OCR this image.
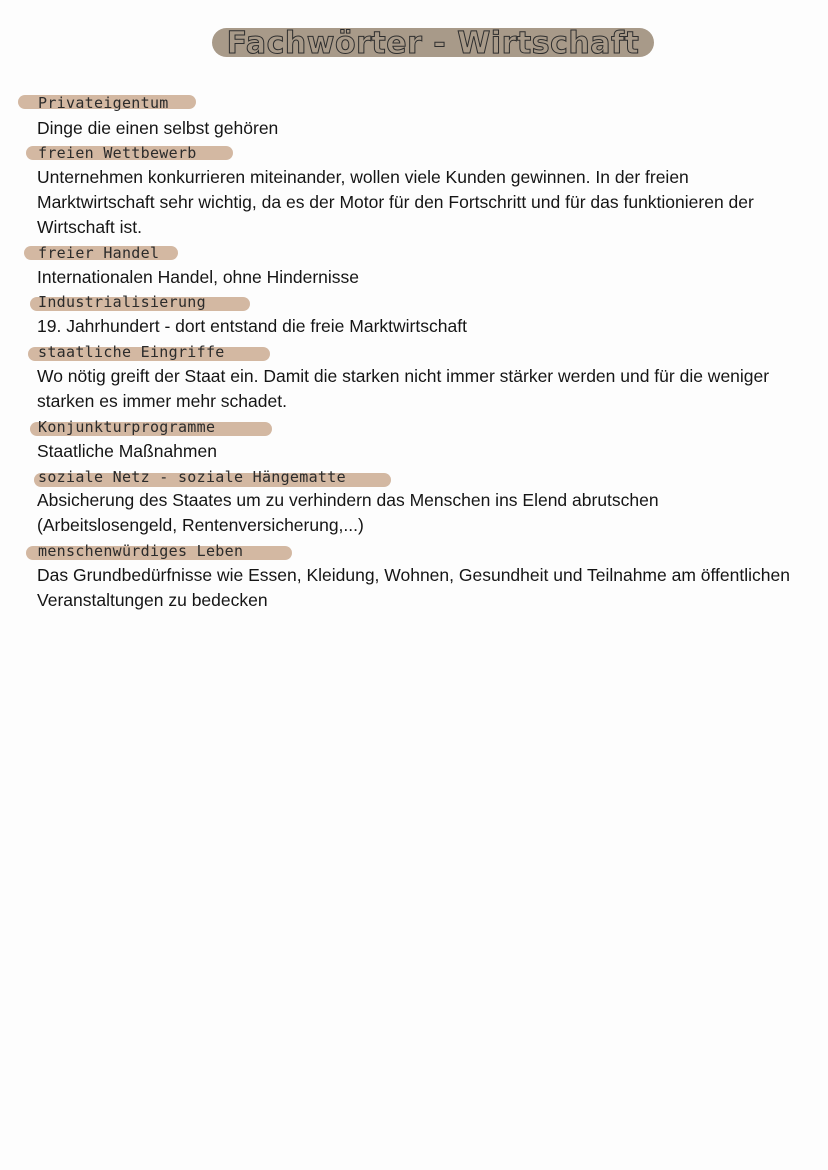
Fachwörter - Wirtschaft
Privateigentum
Dinge die einen selbst gehören
freien Wettbewerb
Unternehmen konkurrieren miteinander, wollen viele Kunden gewinnen. In der freien Marktwirtschaft sehr wichtig, da es der Motor für den Fortschritt und für das funktionieren der Wirtschaft ist.
freier Handel
Internationalen Handel, ohne Hindernisse
Industrialisierung
19. Jahrhundert - dort entstand die freie Marktwirtschaft
staatliche Eingriffe
Wo nötig greift der Staat ein. Damit die starken nicht immer stärker werden und für die weniger starken es immer mehr schadet.
Konjunkturprogramme
Staatliche Maßnahmen
soziale Netz - soziale Hängematte
Absicherung des Staates um zu verhindern das Menschen ins Elend abrutschen (Arbeitslosengeld, Rentenversicherung,...)
menschenwürdiges Leben
Das Grundbedürfnisse wie Essen, Kleidung, Wohnen, Gesundheit und Teilnahme am öffentlichen Veranstaltungen zu bedecken
